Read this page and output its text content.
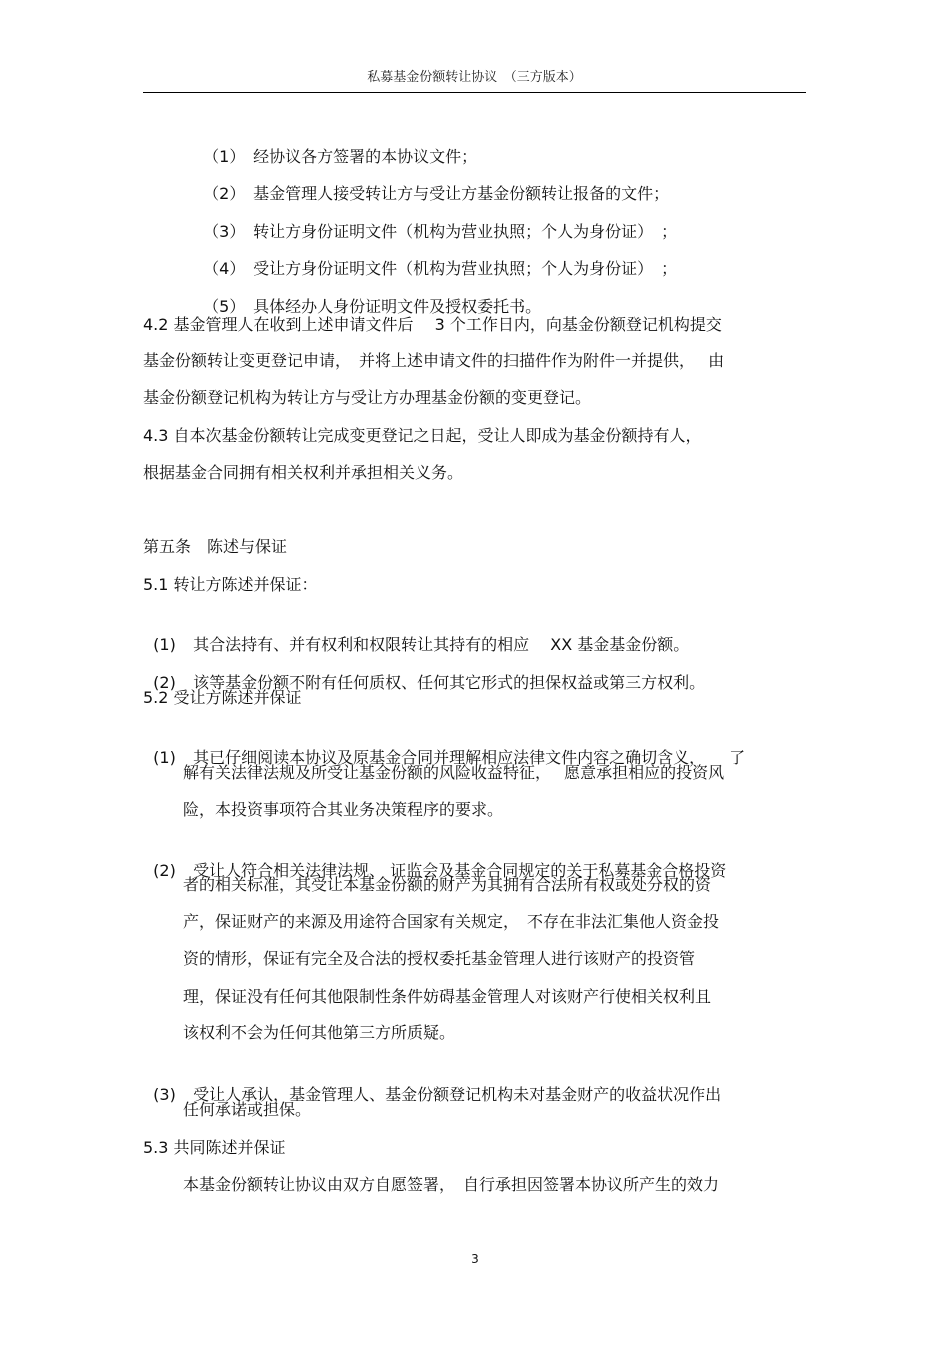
私募基金份额转让协议　（三方版本）

（1） 经协议各方签署的本协议文件；

（2） 基金管理人接受转让方与受让方基金份额转让报备的文件；

（3） 转让方身份证明文件（机构为营业执照；个人为身份证）　；

（4） 受让方身份证明文件（机构为营业执照；个人为身份证）　；

（5） 具体经办人身份证明文件及授权委托书。

4.2 基金管理人在收到上述申请文件后　 3 个工作日内，向基金份额登记机构提交
基金份额转让变更登记申请，　并将上述申请文件的扫描件作为附件一并提供，　 由
基金份额登记机构为转让方与受让方办理基金份额的变更登记。
4.3 自本次基金份额转让完成变更登记之日起，受让人即成为基金份额持有人，
根据基金合同拥有相关权利并承担相关义务。
第五条　陈述与保证
5.1 转让方陈述并保证：

(1) 其合法持有、并有权利和权限转让其持有的相应　 XX 基金基金份额。

(2) 该等基金份额不附有任何质权、任何其它形式的担保权益或第三方权利。

5.2 受让方陈述并保证

(1) 其已仔细阅读本协议及原基金合同并理解相应法律文件内容之确切含义，　　了

解有关法律法规及所受让基金份额的风险收益特征，　 愿意承担相应的投资风
险，本投资事项符合其业务决策程序的要求。

(2) 受让人符合相关法律法规、 证监会及基金合同规定的关于私募基金合格投资

者的相关标准，其受让本基金份额的财产为其拥有合法所有权或处分权的资
产，保证财产的来源及用途符合国家有关规定，　不存在非法汇集他人资金投
资的情形，保证有完全及合法的授权委托基金管理人进行该财产的投资管
理，保证没有任何其他限制性条件妨碍基金管理人对该财产行使相关权利且
该权利不会为任何其他第三方所质疑。

(3) 受让人承认，基金管理人、基金份额登记机构未对基金财产的收益状况作出

任何承诺或担保。
5.3 共同陈述并保证
本基金份额转让协议由双方自愿签署，　自行承担因签署本协议所产生的效力
3
